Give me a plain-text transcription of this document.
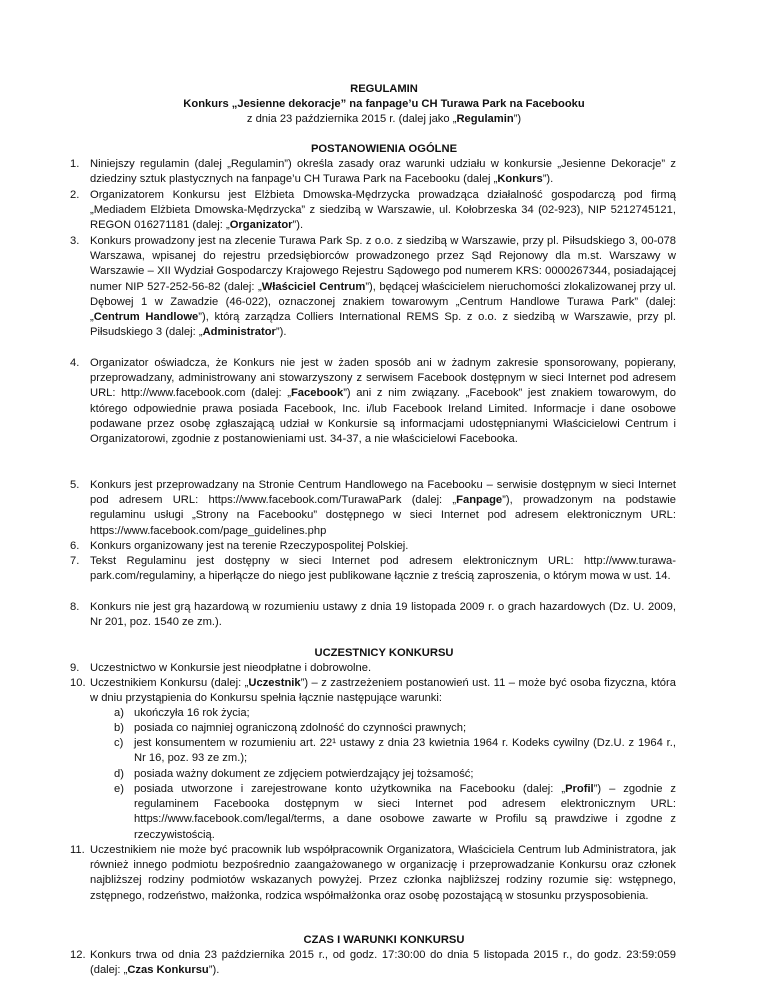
REGULAMIN
Konkurs „Jesienne dekoracje” na fanpage’u CH Turawa Park na Facebooku
z dnia 23 października 2015 r. (dalej jako „Regulamin”)
POSTANOWIENIA OGÓLNE
1. Niniejszy regulamin (dalej „Regulamin”) określa zasady oraz warunki udziału w konkursie „Jesienne Dekoracje” z dziedziny sztuk plastycznych na fanpage’u CH Turawa Park na Facebooku (dalej „Konkurs”).
2. Organizatorem Konkursu jest Elżbieta Dmowska-Mędrzycka prowadząca działalność gospodarczą pod firmą „Mediadem Elżbieta Dmowska-Mędrzycka” z siedzibą w Warszawie, ul. Kołobrzeska 34 (02-923), NIP 5212745121, REGON 016271181 (dalej: „Organizator”).
3. Konkurs prowadzony jest na zlecenie Turawa Park Sp. z o.o. z siedzibą w Warszawie, przy pl. Piłsudskiego 3, 00-078 Warszawa, wpisanej do rejestru przedsiębiorców prowadzonego przez Sąd Rejonowy dla m.st. Warszawy w Warszawie – XII Wydział Gospodarczy Krajowego Rejestru Sądowego pod numerem KRS: 0000267344, posiadającej numer NIP 527-252-56-82 (dalej: „Właściciel Centrum”), będącej właścicielem nieruchomości zlokalizowanej przy ul. Dębowej 1 w Zawadzie (46-022), oznaczonej znakiem towarowym „Centrum Handlowe Turawa Park” (dalej: „Centrum Handlowe”), którą zarządza Colliers International REMS Sp. z o.o. z siedzibą w Warszawie, przy pl. Piłsudskiego 3 (dalej: „Administrator”).
4. Organizator oświadcza, że Konkurs nie jest w żaden sposób ani w żadnym zakresie sponsorowany, popierany, przeprowadzany, administrowany ani stowarzyszony z serwisem Facebook dostępnym w sieci Internet pod adresem URL: http://www.facebook.com (dalej: „Facebook”) ani z nim związany. „Facebook” jest znakiem towarowym, do którego odpowiednie prawa posiada Facebook, Inc. i/lub Facebook Ireland Limited. Informacje i dane osobowe podawane przez osobę zgłaszającą udział w Konkursie są informacjami udostępnianymi Właścicielowi Centrum i Organizatorowi, zgodnie z postanowieniami ust. 34-37, a nie właścicielowi Facebooka.
5. Konkurs jest przeprowadzany na Stronie Centrum Handlowego na Facebooku – serwisie dostępnym w sieci Internet pod adresem URL: https://www.facebook.com/TurawaPark (dalej: „Fanpage”), prowadzonym na podstawie regulaminu usługi „Strony na Facebooku” dostępnego w sieci Internet pod adresem elektronicznym URL: https://www.facebook.com/page_guidelines.php
6. Konkurs organizowany jest na terenie Rzeczypospolitej Polskiej.
7. Tekst Regulaminu jest dostępny w sieci Internet pod adresem elektronicznym URL: http://www.turawa-park.com/regulaminy, a hiperłącze do niego jest publikowane łącznie z treścią zaproszenia, o którym mowa w ust. 14.
8. Konkurs nie jest grą hazardową w rozumieniu ustawy z dnia 19 listopada 2009 r. o grach hazardowych (Dz. U. 2009, Nr 201, poz. 1540 ze zm.).
UCZESTNICY KONKURSU
9. Uczestnictwo w Konkursie jest nieodpłatne i dobrowolne.
10. Uczestnikiem Konkursu (dalej: „Uczestnik”) – z zastrzeżeniem postanowień ust. 11 – może być osoba fizyczna, która w dniu przystąpienia do Konkursu spełnia łącznie następujące warunki:
a) ukończyła 16 rok życia;
b) posiada co najmniej ograniczoną zdolność do czynności prawnych;
c) jest konsumentem w rozumieniu art. 22¹ ustawy z dnia 23 kwietnia 1964 r. Kodeks cywilny (Dz.U. z 1964 r., Nr 16, poz. 93 ze zm.);
d) posiada ważny dokument ze zdjęciem potwierdzający jej tożsamość;
e) posiada utworzone i zarejestrowane konto użytkownika na Facebooku (dalej: „Profil”) – zgodnie z regulaminem Facebooka dostępnym w sieci Internet pod adresem elektronicznym URL: https://www.facebook.com/legal/terms, a dane osobowe zawarte w Profilu są prawdziwe i zgodne z rzeczywistością.
11. Uczestnikiem nie może być pracownik lub współpracownik Organizatora, Właściciela Centrum lub Administratora, jak również innego podmiotu bezpośrednio zaangażowanego w organizację i przeprowadzanie Konkursu oraz członek najbliższej rodziny podmiotów wskazanych powyżej. Przez członka najbliższej rodziny rozumie się: wstępnego, zstępnego, rodzeństwo, małżonka, rodzica współmałżonka oraz osobę pozostającą w stosunku przysposobienia.
CZAS I WARUNKI KONKURSU
12. Konkurs trwa od dnia 23 października 2015 r., od godz. 17:30:00 do dnia 5 listopada 2015 r., do godz. 23:59:059 (dalej: „Czas Konkursu”).
